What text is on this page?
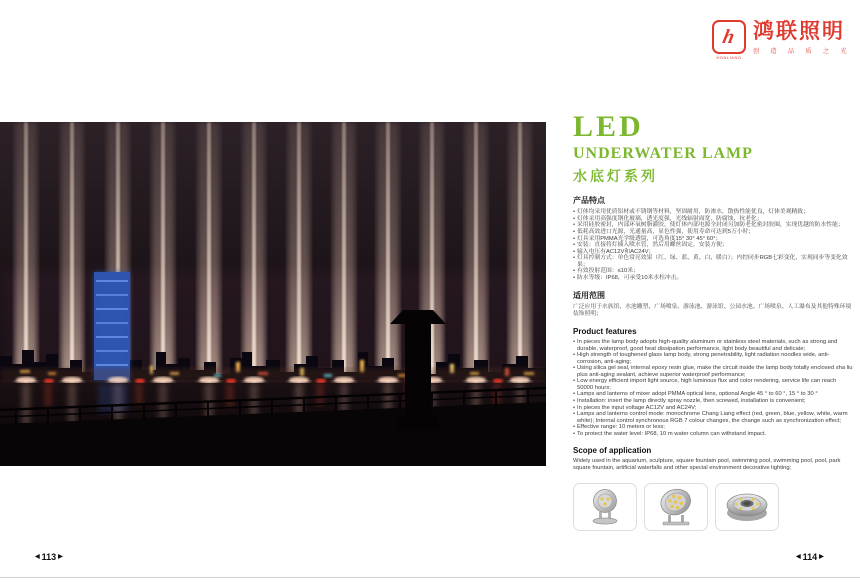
h
HONLIANG
鸿联照明
创造品质之光
LED
UNDERWATER LAMP
水底灯系列
产品特点
• 灯体均采用优质铝材或不锈钢等材料，坚固耐用，防渗水，散热性能优良，灯体美观精致；
• 灯体采用高强度钢化玻璃，透光度强，光线辐射面宽，防腐蚀，抗老化；
• 采用硅胶密封，内部环氧树脂灌胶，使灯体内部电源全封闭另加防老化密封胶圈，实现优越的防水性能；
• 低耗高效进口光源，光通量高，显色性强，使用寿命可达到5万小时；
• 灯具采用PMMA光学级透镜，可选角度15° 30° 45° 60°；
• 安装：直接将灯插入喷水管，然后用螺丝固定，安装方便；
• 输入电压有AC12V和AC24V；
• 灯具控制方式：单色常亮效果（红、绿、蓝、黄、白、暖白）；内控同步RGB七彩变化，实现同步等变化效果；
• 有效投射范围：≤10米；
• 防水等级：IP68，可承受10米水柱冲击。
适用范围

广泛应用于水族馆、水池雕塑、广场喷泉、游泳池、游泳馆、公园水池、广场喷泉、人工瀑布及其他特殊环境装饰照明；

Product features
• In pieces the lamp body adopts high-quality aluminum or stainless steel materials, such as strong and durable, waterproof, good heat dissipation performance, light body beautiful and delicate;
• High strength of toughened glass lamp body, strong penetrability, light radiation noodles wide, anti-corrosion, anti-aging;
• Using silica gel seal, internal epoxy resin glue, make the circuit inside the lamp body totally enclosed sha liu plus anti-aging sealant, achieve superior waterproof performance;
• Low energy efficient import light source, high luminous flux and color rendering, service life can reach 50000 hours;
• Lamps and lanterns of mixer adopt PMMA optical lens, optional Angle 45 ° to 60 °, 15 ° to 30 °
• Installation: insert the lamp directly spray nozzle, then screwed, installation is convenient;
• In pieces the input voltage AC12V and AC24V;
• Lamps and lanterns control mode: monochrome Chang Liang effect (red, green, blue, yellow, white, warm white); Internal control synchronous RGB 7 colour changes, the change such as synchronization effect;
• Effective range: 10 meters or less;
• To protect the water level: IP68, 10 m water column can withstand impact.
Scope of application

Widely used in the aquarium, sculpture, square fountain pool, swimming pool, swimming pool, pool, park square fountain, artificial waterfalls and other special environment decorative lighting;

◀ 113 ▶	◀ 114 ▶
